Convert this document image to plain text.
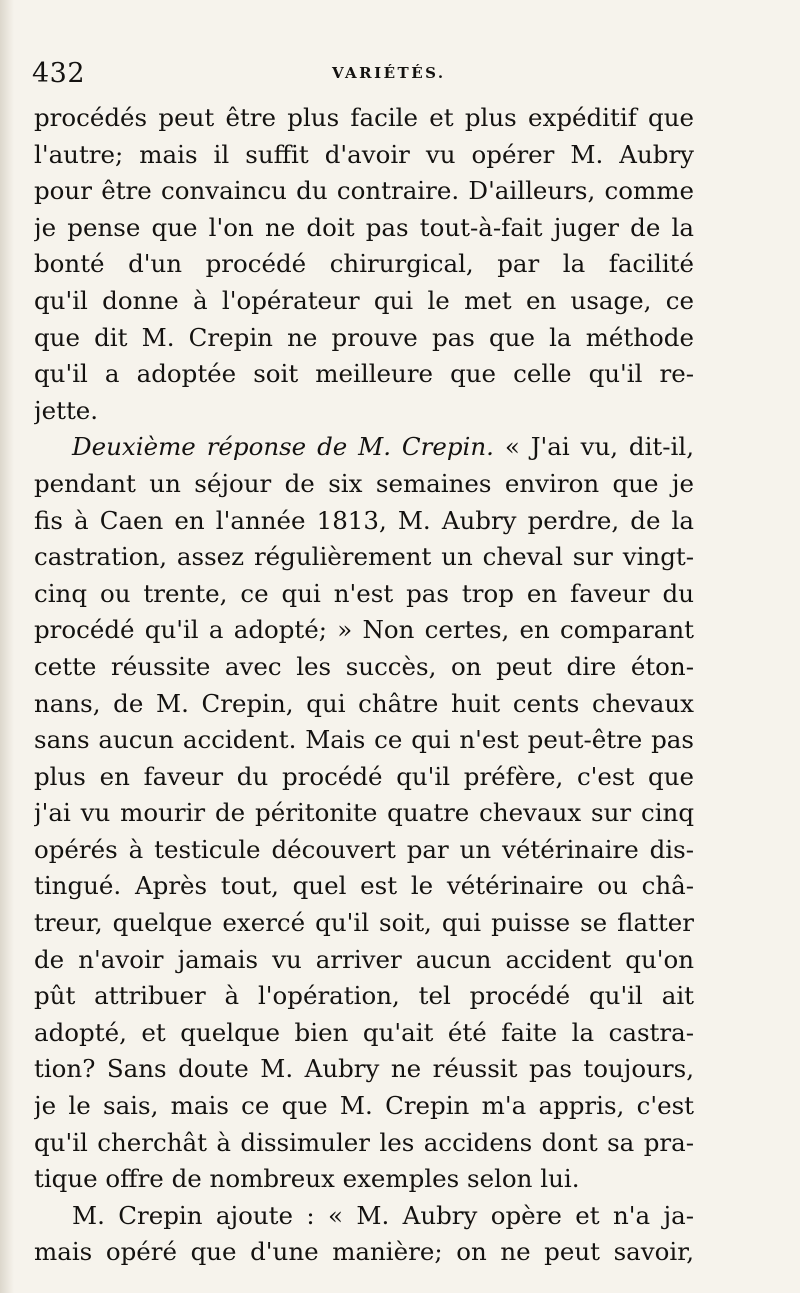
432	VARIÉTÉS.
procédés peut être plus facile et plus expéditif que
l'autre; mais il suffit d'avoir vu opérer M. Aubry
pour être convaincu du contraire. D'ailleurs, comme
je pense que l'on ne doit pas tout-à-fait juger de la
bonté d'un procédé chirurgical, par la facilité
qu'il donne à l'opérateur qui le met en usage, ce
que dit M. Crepin ne prouve pas que la méthode
qu'il a adoptée soit meilleure que celle qu'il re-
jette.
Deuxième réponse de M. Crepin. « J'ai vu, dit-il,
pendant un séjour de six semaines environ que je
fis à Caen en l'année 1813, M. Aubry perdre, de la
castration, assez régulièrement un cheval sur vingt-
cinq ou trente, ce qui n'est pas trop en faveur du
procédé qu'il a adopté; » Non certes, en comparant
cette réussite avec les succès, on peut dire éton-
nans, de M. Crepin, qui châtre huit cents chevaux
sans aucun accident. Mais ce qui n'est peut-être pas
plus en faveur du procédé qu'il préfère, c'est que
j'ai vu mourir de péritonite quatre chevaux sur cinq
opérés à testicule découvert par un vétérinaire dis-
tingué. Après tout, quel est le vétérinaire ou châ-
treur, quelque exercé qu'il soit, qui puisse se flatter
de n'avoir jamais vu arriver aucun accident qu'on
pût attribuer à l'opération, tel procédé qu'il ait
adopté, et quelque bien qu'ait été faite la castra-
tion? Sans doute M. Aubry ne réussit pas toujours,
je le sais, mais ce que M. Crepin m'a appris, c'est
qu'il cherchât à dissimuler les accidens dont sa pra-
tique offre de nombreux exemples selon lui.
M. Crepin ajoute : « M. Aubry opère et n'a ja-
mais opéré que d'une manière; on ne peut savoir,
